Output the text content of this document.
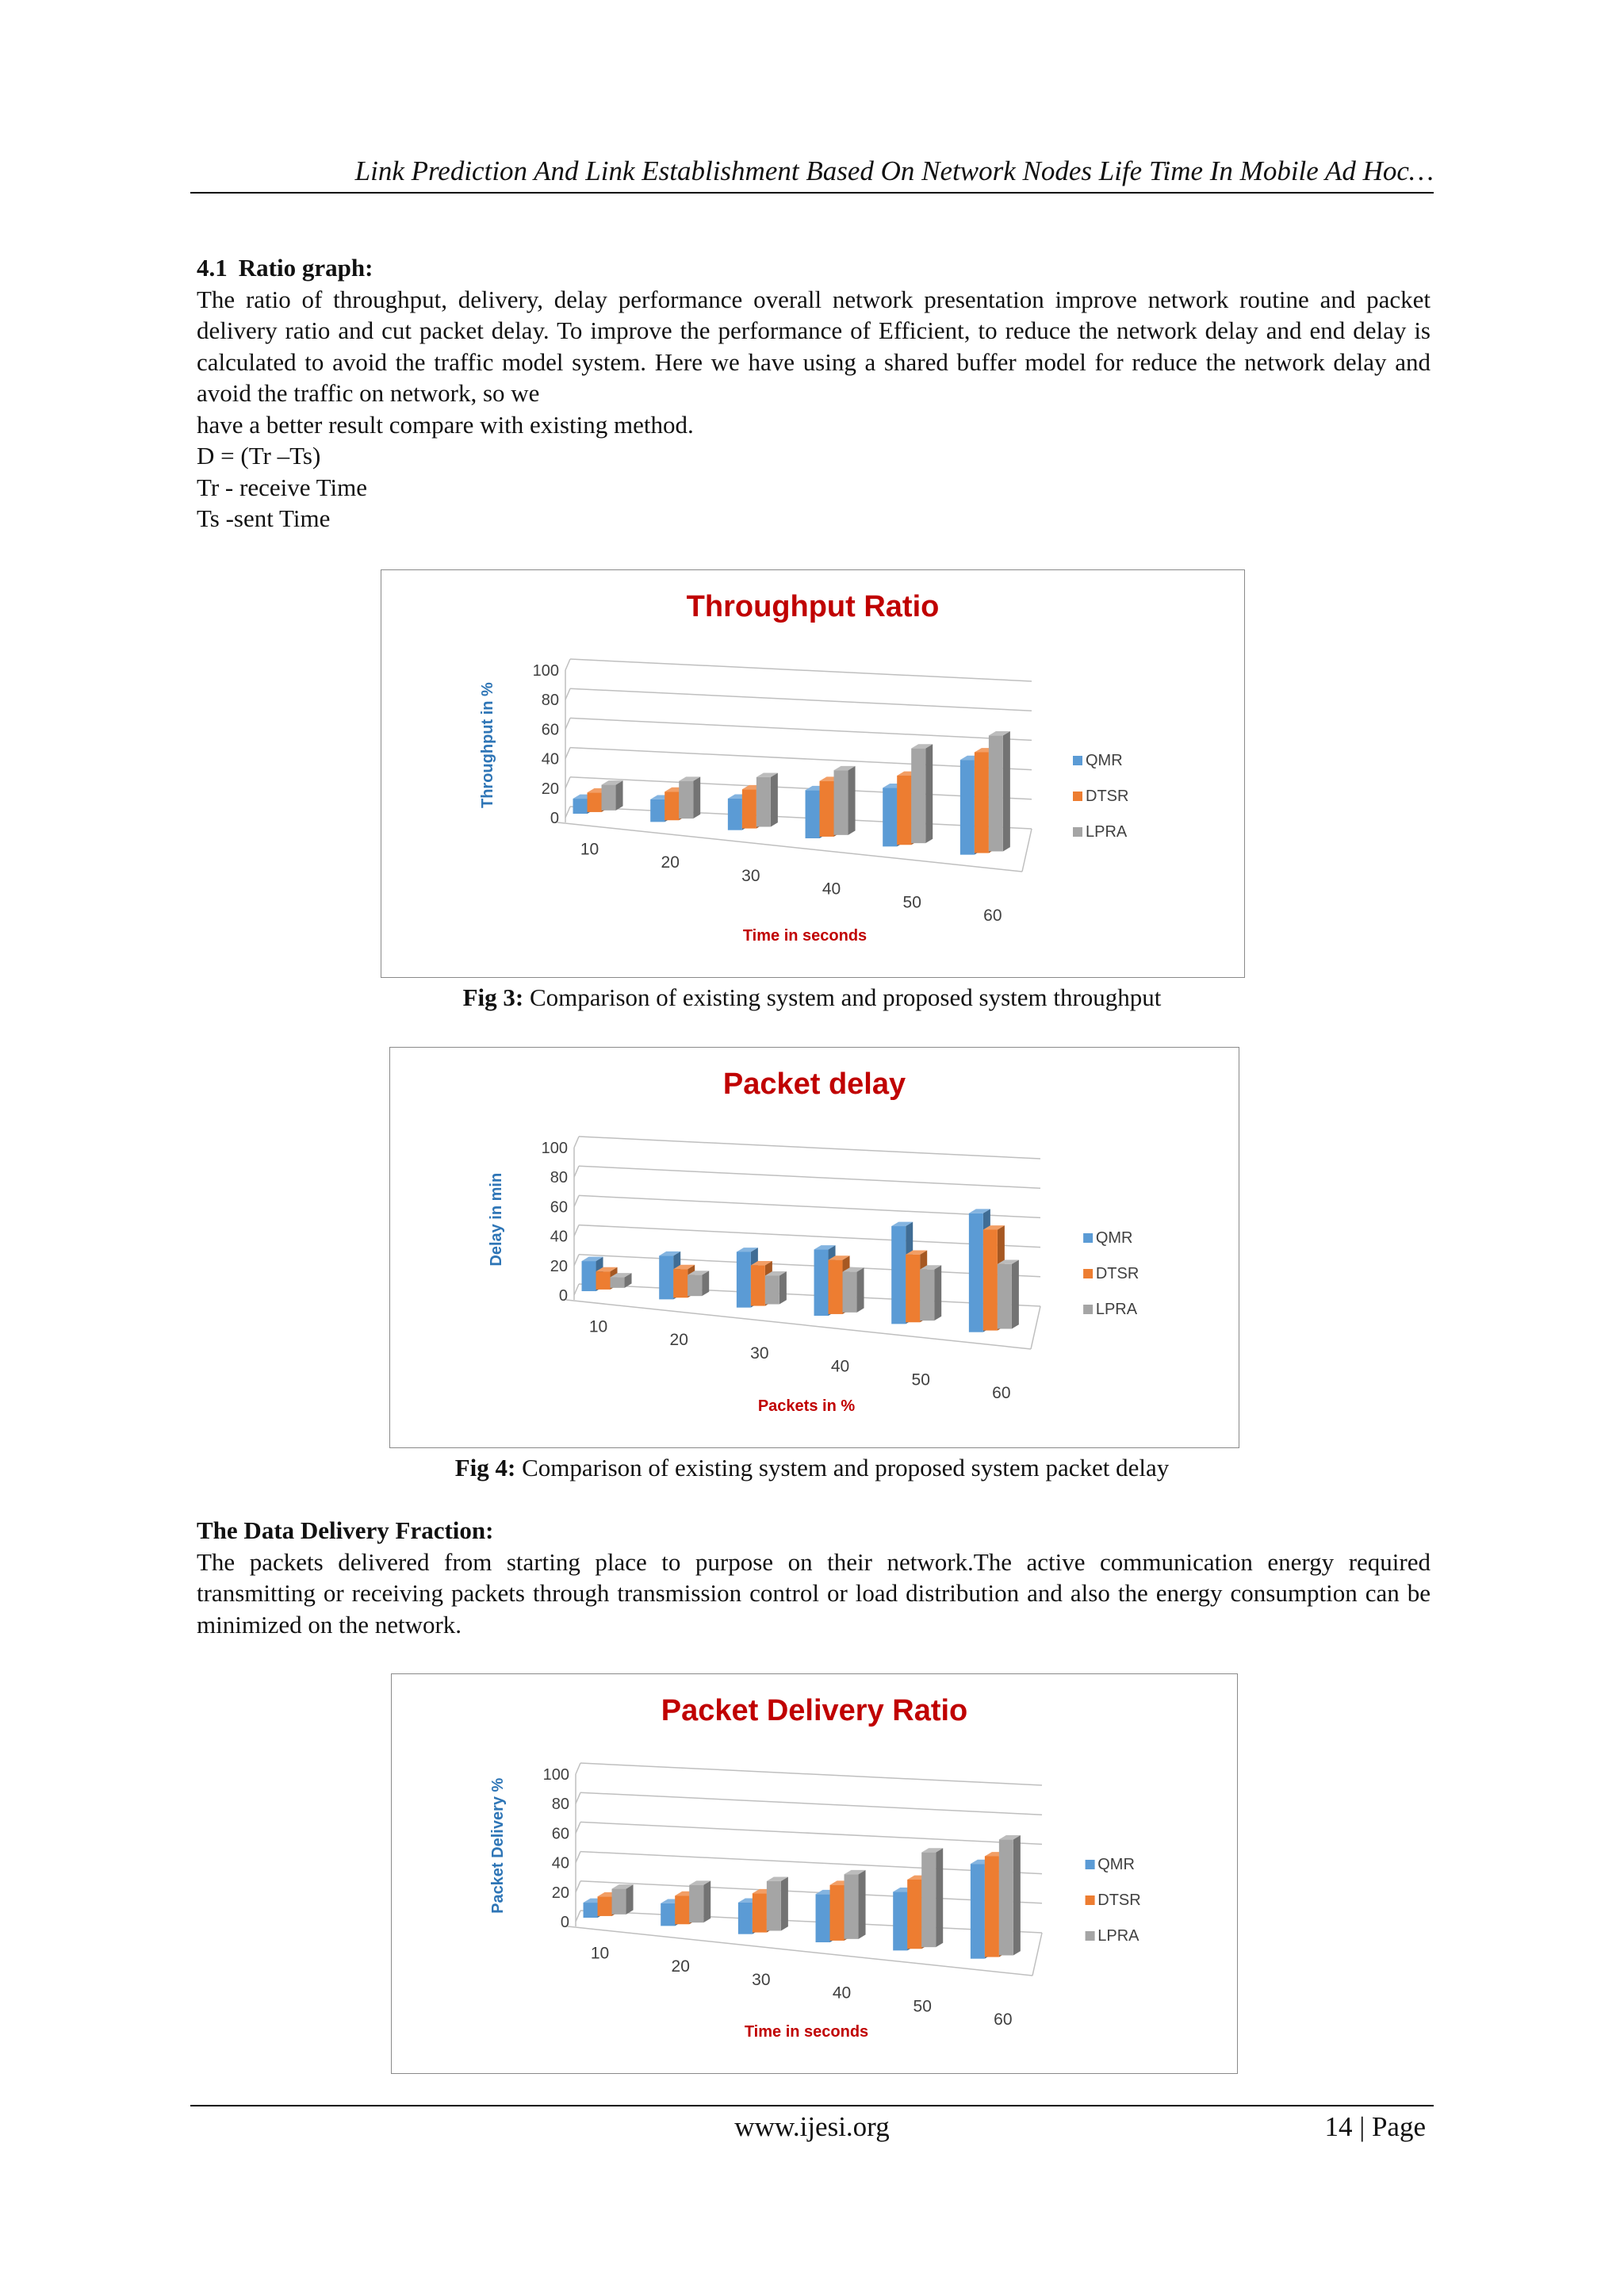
Link Prediction And Link Establishment Based On Network Nodes Life Time In Mobile Ad Hoc…
4.1 Ratio graph:

The ratio of throughput, delivery, delay performance overall network presentation improve network routine and packet delivery ratio and cut packet delay. To improve the performance of Efficient, to reduce the network delay and end delay is calculated to avoid the traffic model system. Here we have using a shared buffer model for reduce the network delay and avoid the traffic on network, so we

have a better result compare with existing method.
D = (Tr –Ts)
Tr - receive Time
Ts -sent Time
Throughput Ratio
Throughput in %
Time in seconds
0
20
40
60
80
100
10
20
30
40
50
60
QMR
DTSR
LPRA
Fig 3: Comparison of existing system and proposed system throughput
Packet delay
Delay in min
Packets in %
0
20
40
60
80
100
10
20
30
40
50
60
QMR
DTSR
LPRA
Fig 4: Comparison of existing system and proposed system packet delay
The Data Delivery Fraction:

The packets delivered from starting place to purpose on their network.The active communication energy required transmitting or receiving packets through transmission control or load distribution and also the energy consumption can be minimized on the network.

Packet Delivery Ratio
Packet Delivery %
Time in seconds
0
20
40
60
80
100
10
20
30
40
50
60
QMR
DTSR
LPRA
www.ijesi.org	14 | Page
